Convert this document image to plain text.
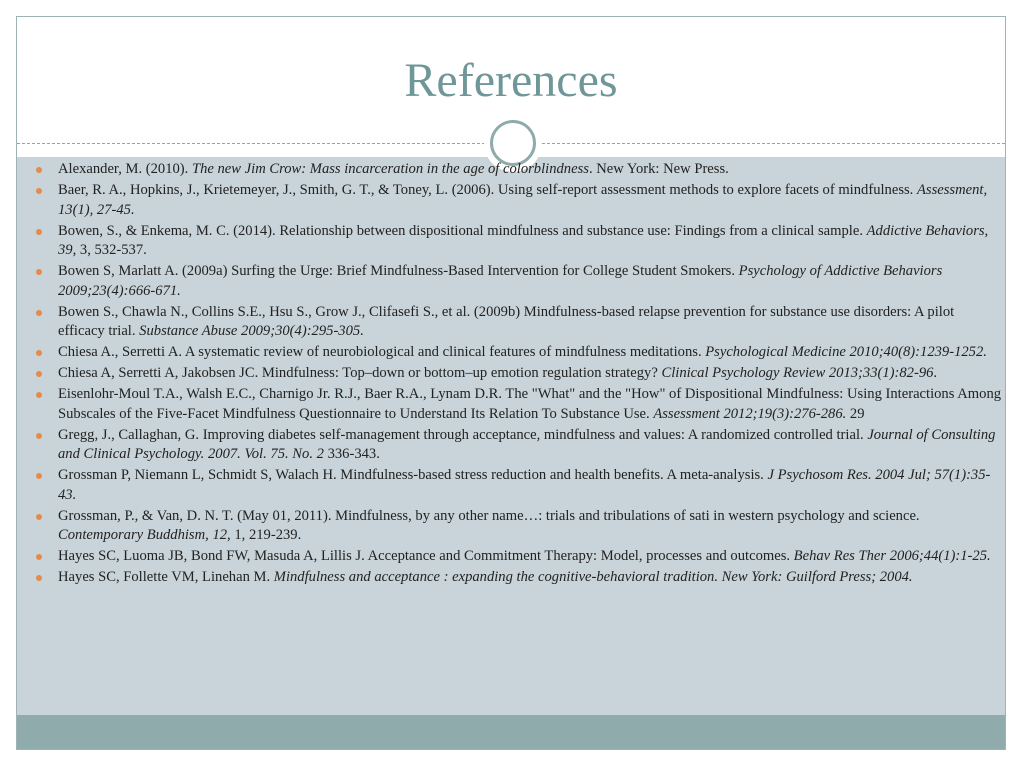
References
Alexander, M. (2010). The new Jim Crow: Mass incarceration in the age of colorblindness. New York: New Press.
Baer, R. A., Hopkins, J., Krietemeyer, J., Smith, G. T., & Toney, L. (2006). Using self-report assessment methods to explore facets of mindfulness. Assessment, 13(1), 27-45.
Bowen, S., & Enkema, M. C. (2014). Relationship between dispositional mindfulness and substance use: Findings from a clinical sample. Addictive Behaviors, 39, 3, 532-537.
Bowen S, Marlatt A. (2009a) Surfing the Urge: Brief Mindfulness-Based Intervention for College Student Smokers. Psychology of Addictive Behaviors 2009;23(4):666-671.
Bowen S., Chawla N., Collins S.E., Hsu S., Grow J., Clifasefi S., et al. (2009b) Mindfulness-based relapse prevention for substance use disorders: A pilot efficacy trial. Substance Abuse 2009;30(4):295-305.
Chiesa A., Serretti A. A systematic review of neurobiological and clinical features of mindfulness meditations. Psychological Medicine 2010;40(8):1239-1252.
Chiesa A, Serretti A, Jakobsen JC. Mindfulness: Top–down or bottom–up emotion regulation strategy? Clinical Psychology Review 2013;33(1):82-96.
Eisenlohr-Moul T.A., Walsh E.C., Charnigo Jr. R.J., Baer R.A., Lynam D.R. The "What" and the "How" of Dispositional Mindfulness: Using Interactions Among Subscales of the Five-Facet Mindfulness Questionnaire to Understand Its Relation To Substance Use. Assessment 2012;19(3):276-286. 29
Gregg, J., Callaghan, G. Improving diabetes self-management through acceptance, mindfulness and values: A randomized controlled trial. Journal of Consulting and Clinical Psychology. 2007. Vol. 75. No. 2 336-343.
Grossman P, Niemann L, Schmidt S, Walach H. Mindfulness-based stress reduction and health benefits. A meta-analysis. J Psychosom Res. 2004 Jul; 57(1):35-43.
Grossman, P., & Van, D. N. T. (May 01, 2011). Mindfulness, by any other name…: trials and tribulations of sati in western psychology and science. Contemporary Buddhism, 12, 1, 219-239.
Hayes SC, Luoma JB, Bond FW, Masuda A, Lillis J. Acceptance and Commitment Therapy: Model, processes and outcomes. Behav Res Ther 2006;44(1):1-25.
Hayes SC, Follette VM, Linehan M. Mindfulness and acceptance : expanding the cognitive-behavioral tradition. New York: Guilford Press; 2004.
